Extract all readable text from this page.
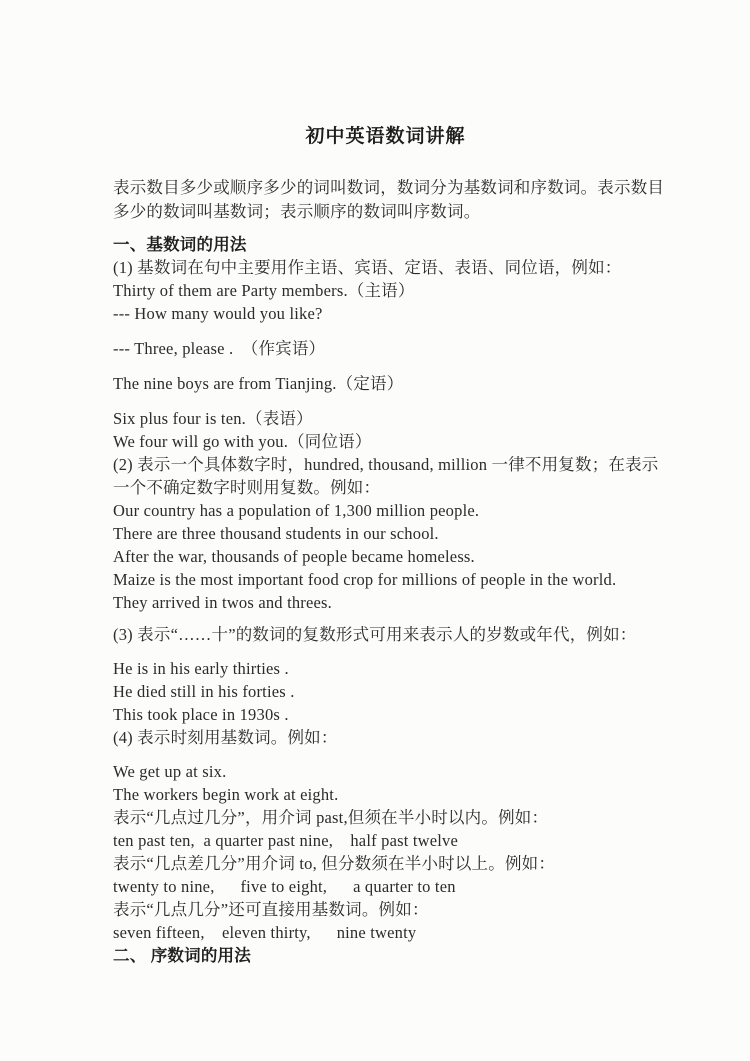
初中英语数词讲解
表示数目多少或顺序多少的词叫数词，数词分为基数词和序数词。表示数目
多少的数词叫基数词；表示顺序的数词叫序数词。
一、基数词的用法
(1) 基数词在句中主要用作主语、宾语、定语、表语、同位语，例如：
Thirty of them are Party members.（主语）
--- How many would you like?
--- Three, please .　（作宾语）
The nine boys are from Tianjing.（定语）
Six plus four is ten.（表语）
We four will go with you.（同位语）
(2) 表示一个具体数字时，hundred, thousand, million 一律不用复数；在表示
一个不确定数字时则用复数。例如：
Our country has a population of 1,300 million people.
There are three thousand students in our school.
After the war, thousands of people became homeless.
Maize is the most important food crop for millions of people in the world.
They arrived in twos and threes.
(3) 表示“……十”的数词的复数形式可用来表示人的岁数或年代，例如：
He is in his early thirties .
He died still in his forties .
This took place in 1930s .
(4) 表示时刻用基数词。例如：
We get up at six.
The workers begin work at eight.
表示“几点过几分”，用介词 past,但须在半小时以内。例如：
ten past ten,  a quarter past nine,    half past twelve
表示“几点差几分”用介词 to, 但分数须在半小时以上。例如：
twenty to nine,      five to eight,      a quarter to ten
表示“几点几分”还可直接用基数词。例如：
seven fifteen,    eleven thirty,      nine twenty
二、 序数词的用法
